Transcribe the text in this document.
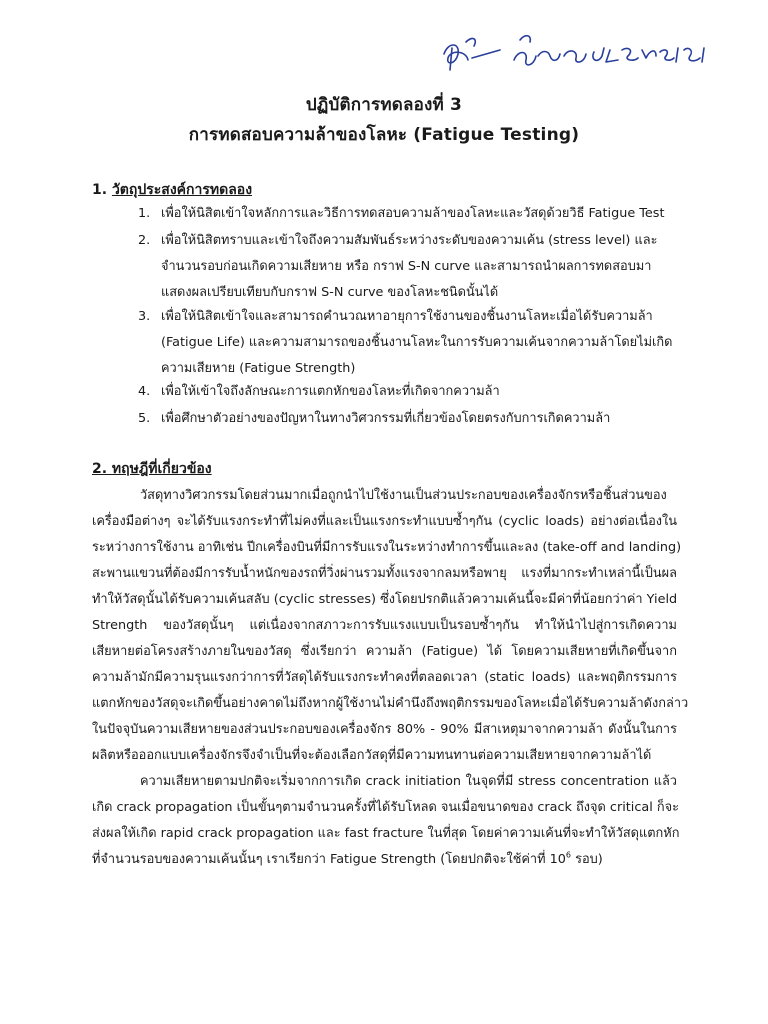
ปฏิบัติการทดลองที่ 3
การทดสอบความล้าของโลหะ (Fatigue Testing)
1. วัตถุประสงค์การทดลอง
1. เพื่อให้นิสิตเข้าใจหลักการและวิธีการทดสอบความล้าของโลหะและวัสดุด้วยวิธี Fatigue Test
2. เพื่อให้นิสิตทราบและเข้าใจถึงความสัมพันธ์ระหว่างระดับของความเค้น (stress level) และ
จำนวนรอบก่อนเกิดความเสียหาย หรือ กราฟ S-N curve และสามารถนำผลการทดสอบมา
แสดงผลเปรียบเทียบกับกราฟ S-N curve ของโลหะชนิดนั้นได้
3. เพื่อให้นิสิตเข้าใจและสามารถคำนวณหาอายุการใช้งานของชิ้นงานโลหะเมื่อได้รับความล้า
(Fatigue Life) และความสามารถของชิ้นงานโลหะในการรับความเค้นจากความล้าโดยไม่เกิด
ความเสียหาย (Fatigue Strength)
4. เพื่อให้เข้าใจถึงลักษณะการแตกหักของโลหะที่เกิดจากความล้า
5. เพื่อศึกษาตัวอย่างของปัญหาในทางวิศวกรรมที่เกี่ยวข้องโดยตรงกับการเกิดความล้า
2. ทฤษฎีที่เกี่ยวข้อง
วัสดุทางวิศวกรรมโดยส่วนมากเมื่อถูกนำไปใช้งานเป็นส่วนประกอบของเครื่องจักรหรือชิ้นส่วนของ
เครื่องมือต่างๆ จะได้รับแรงกระทำที่ไม่คงที่และเป็นแรงกระทำแบบซ้ำๆกัน (cyclic loads) อย่างต่อเนื่องใน
ระหว่างการใช้งาน อาทิเช่น ปีกเครื่องบินที่มีการรับแรงในระหว่างทำการขึ้นและลง (take-off and landing)
สะพานแขวนที่ต้องมีการรับน้ำหนักของรถที่วิ่งผ่านรวมทั้งแรงจากลมหรือพายุ แรงที่มากระทำเหล่านี้เป็นผล
ทำให้วัสดุนั้นได้รับความเค้นสลับ (cyclic stresses) ซึ่งโดยปรกติแล้วความเค้นนี้จะมีค่าที่น้อยกว่าค่า Yield
Strength ของวัสดุนั้นๆ แต่เนื่องจากสภาวะการรับแรงแบบเป็นรอบซ้ำๆกัน ทำให้นำไปสู่การเกิดความ
เสียหายต่อโครงสร้างภายในของวัสดุ ซึ่งเรียกว่า ความล้า (Fatigue) ได้ โดยความเสียหายที่เกิดขึ้นจาก
ความล้ามักมีความรุนแรงกว่าการที่วัสดุได้รับแรงกระทำคงที่ตลอดเวลา (static loads) และพฤติกรรมการ
แตกหักของวัสดุจะเกิดขึ้นอย่างคาดไม่ถึงหากผู้ใช้งานไม่คำนึงถึงพฤติกรรมของโลหะเมื่อได้รับความล้าดังกล่าว
ในปัจจุบันความเสียหายของส่วนประกอบของเครื่องจักร 80% - 90% มีสาเหตุมาจากความล้า ดังนั้นในการ
ผลิตหรือออกแบบเครื่องจักรจึงจำเป็นที่จะต้องเลือกวัสดุที่มีความทนทานต่อความเสียหายจากความล้าได้
ความเสียหายตามปกติจะเริ่มจากการเกิด crack initiation ในจุดที่มี stress concentration แล้ว
เกิด crack propagation เป็นขั้นๆตามจำนวนครั้งที่ได้รับโหลด จนเมื่อขนาดของ crack ถึงจุด critical ก็จะ
ส่งผลให้เกิด rapid crack propagation และ fast fracture ในที่สุด โดยค่าความเค้นที่จะทำให้วัสดุแตกหัก
ที่จำนวนรอบของความเค้นนั้นๆ เราเรียกว่า Fatigue Strength (โดยปกติจะใช้ค่าที่ $10^6$ รอบ)
